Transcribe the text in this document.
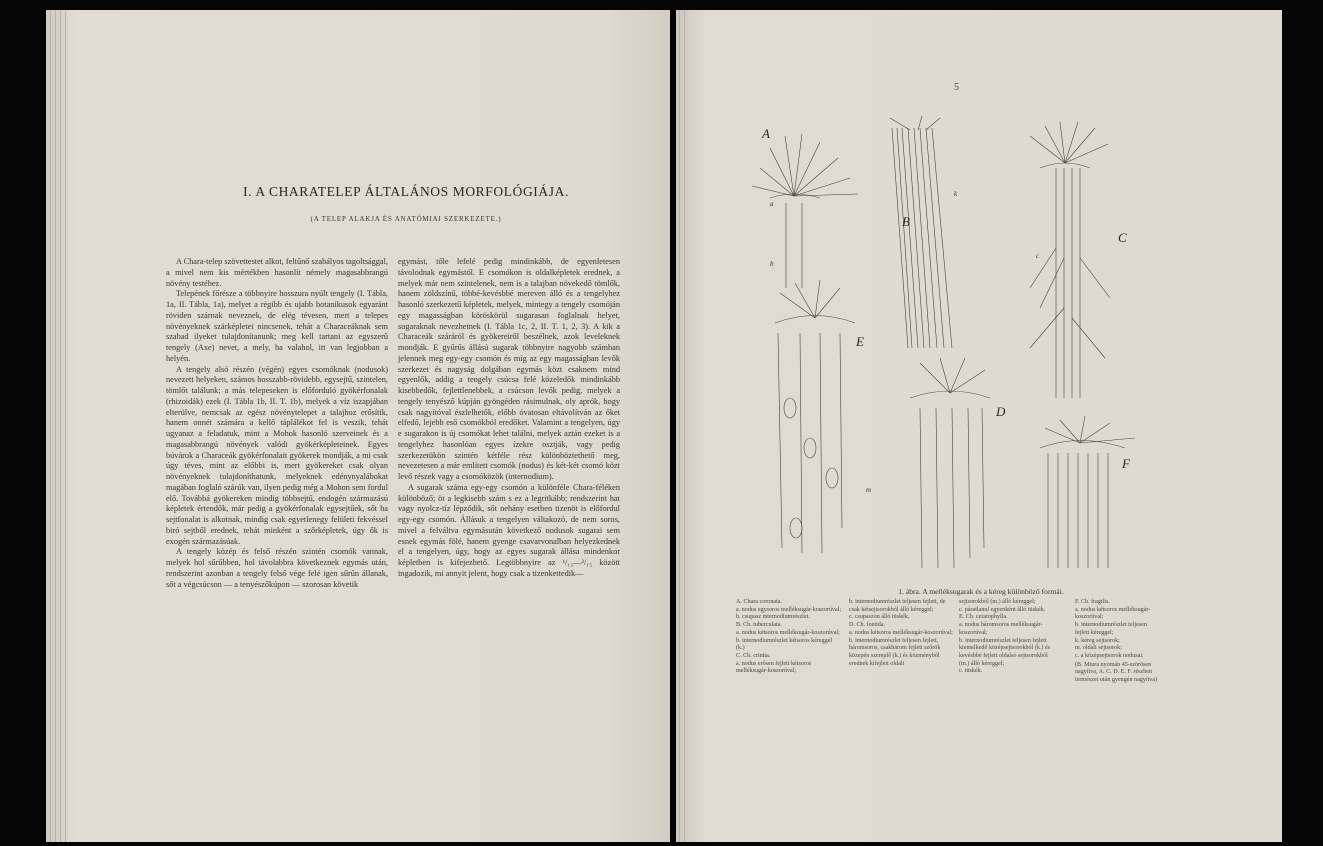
I. A CHARATELEP ÁLTALÁNOS MORFOLÓGIÁJA.
(A TELEP ALAKJA ÉS ANATÓMIAI SZERKEZETE.)

A Chara-telep szövettestet alkot, feltűnő szabályos tagoltsággal, a mivel nem kis mértékben hasonlít némely magasabbrangú növény testéhez.

Telepének főrésze a többnyire hosszura nyúlt tengely (I. Tábla, 1a, II. Tábla, 1a), melyet a régibb és ujabb botanikusok egyaránt röviden szárnak neveznek, de elég tévesen, mert a telepes növényeknek szárképletei nincsenek, tehát a Characeáknak sem szabad ilyeket tulajdonítanunk; meg kell tartani az egyszerű tengely (Axe) nevet, a mely, ha valahol, itt van legjobban a helyén.

A tengely alsó részén (végén) egyes csomóknak (nodusok) nevezett helyeken, számos hosszabb-rövidebb, egysejtű, szintelen, tömlőt találunk; a más telepeseken is előforduló gyökérfonalak (rhizoidák) ezek (I. Tábla 1b, II. T. 1b), melyek a víz iszapjában elterülve, nemcsak az egész növénytelepet a talajhoz erősítik, hanem onnét számára a kellő táplálékot fel is veszik, tehát ugyanaz a feladatuk, mint a Mohok hasonló szerveinek és a magasabbrangú növények valódi gyökérképleteinek. Egyes búvárok a Characeák gyökérfonalait gyökerek mondják, a mi csak úgy téves, mint az előbbi is, mert gyökereket csak olyan növényeknek tulajdoníthatunk, melyeknek edénynyalábokat magában foglaló szárúk van, ilyen pedig még a Mohon sem fordul elő. Továbbá gyökereken mindig többsejtű, endogén származású képletek értendők, már pedig a gyökérfonalak egysejtűek, sőt ha sejtfonalat is alkotnak, mindig csak egyetlenegy felületi fekvéssel biró sejtből erednek, tehát minként a szőrképletek, úgy ők is exogén származásúak.

A tengely közép és felső részén szintén csomók vannak, melyek hol sűrűbben, hol távolabbra következnek egymás után, rendszerint azonban a tengely felső vége felé igen sűrűn állanak, sőt a végcsúcson — a tenyészőkúpon — szorosan követik

egymást, tőle lefelé pedig mindinkább, de egyenletesen távolodnak egymástól. E csomókon is oldalképletek erednek, a melyek már nem szintelenek, nem is a talajban növekedő tömlők, hanem zöldszínű, többé-kevésbbé mereven álló és a tengelyhez hasonló szerkezetű képletek, melyek, mintegy a tengely csomóján egy magasságban köröskörül sugarasan foglalnak helyet, sugaraknak nevezhetnek (I. Tábla 1c, 2, II. T. 1, 2, 3). A kik a Characeák száráról és gyökereiről beszélnek, azok leveleknek mondják. E gyűrűs állású sugarak többnyire nagyobb számban jelennek meg egy-egy csomón és míg az egy magasságban levők szerkezet és nagyság dolgában egymás közt csaknem mind egyenlők, addig a tengely csúcsa felé közeledők mindinkább kisebbedők, fejlettlenebbek, a csúcson levők pedig, melyek a tengely tenyésző kúpján gyöngéden rásimulnak, oly aprók, hogy csak nagyítóval észlelhetők, előbb óvatosan eltávolítván az őket elfedő, lejebb eső csomókból eredőket. Valamint a tengelyen, úgy e sugarakon is új csomókat lehet találni, melyek aztán ezeket is a tengelyhez hasonlóan egyes ízekre osztják, vagy pedig szerkezetükön szintén kétféle rész különböztethető meg, nevezetesen a már említett csomók (nodus) és két-két csomó közt levő részek vagy a csomóközök (internodium).

A sugarak száma egy-egy csomón a különféle Chara-féléken különböző; öt a legkisebb szám s ez a legritkább; rendszerint hat vagy nyolcz-tíz lépződik, sőt nehány esetben tizenöt is előfordul egy-egy csomón. Állásuk a tengelyen váltakozó, de nem soros, mivel a felváltva egymásután következő nodusok sugarai sem esnek egymás fölé, hanem gyenge csavarvonalban helyezkednek el a tengelyen, úgy, hogy az egyes sugarak állása mindenkor képletben is kifejezhető. Legtöbbnyire az ¹/₁₂—²/₁₅ között ingadozik, mi annyit jelent, hogy csak a tizenkettedik—

5
A
B
C
D
E
F
a
b
c
k
m
1. ábra. A melléksugarak és a kéreg különböző formái.
A. Chara coronata.
a. nodus egysoros melléksugár-koszorúval;
b. csupasz internodiumrészlet.
B. Ch. tuberculata.
a. nodus kétsoros melléksugár-koszorúval;
b. internodiumrészlet kétsoros kéreggel (k.)
C. Ch. crinita.
a. nodus erősen fejlett kétsoros melléksugár-koszorúval;
b. internodiumrészlet teljesen fejlett, de csak kétsejtsorokból álló kéreggel;
c. csupaszon álló tüskék.
D. Ch. foetida.
a. nodus kétsoros melléksugár-koszorúval;
b. internodiumrészlet teljesen fejlett, háromsoros, csakhárom fejlett szőrök közepén szereplő (k.) és közményből erednek kifejlett oldali
sejtsorokból (m.) álló kéreggel;
c. páratlanul egyenként álló tüskék.
E. Ch. ceratophylla.
a. nodus háromsoros melléksugár-koszorúval;
b. internodiumrészlet teljesen fejlett kiemelkedő középsejtsorokból (k.) és kevésbbé fejlett oldalsó sejtsorokból (m.) álló kéreggel;
c. tüskék.
F. Ch. fragilis.
a. nodus kétsoros melléksugár-koszorúval;
b. internodiumrészlet teljesen fejlett kéreggel;
k. kéreg sejtsorok;
m. oldali sejtsorok;
c. a középsejtsorok nodusai.
(B. Miura nyomán 45-szörösen nagyítva, A. C. D. E. F. részben természet után gyengén nagyítva)
